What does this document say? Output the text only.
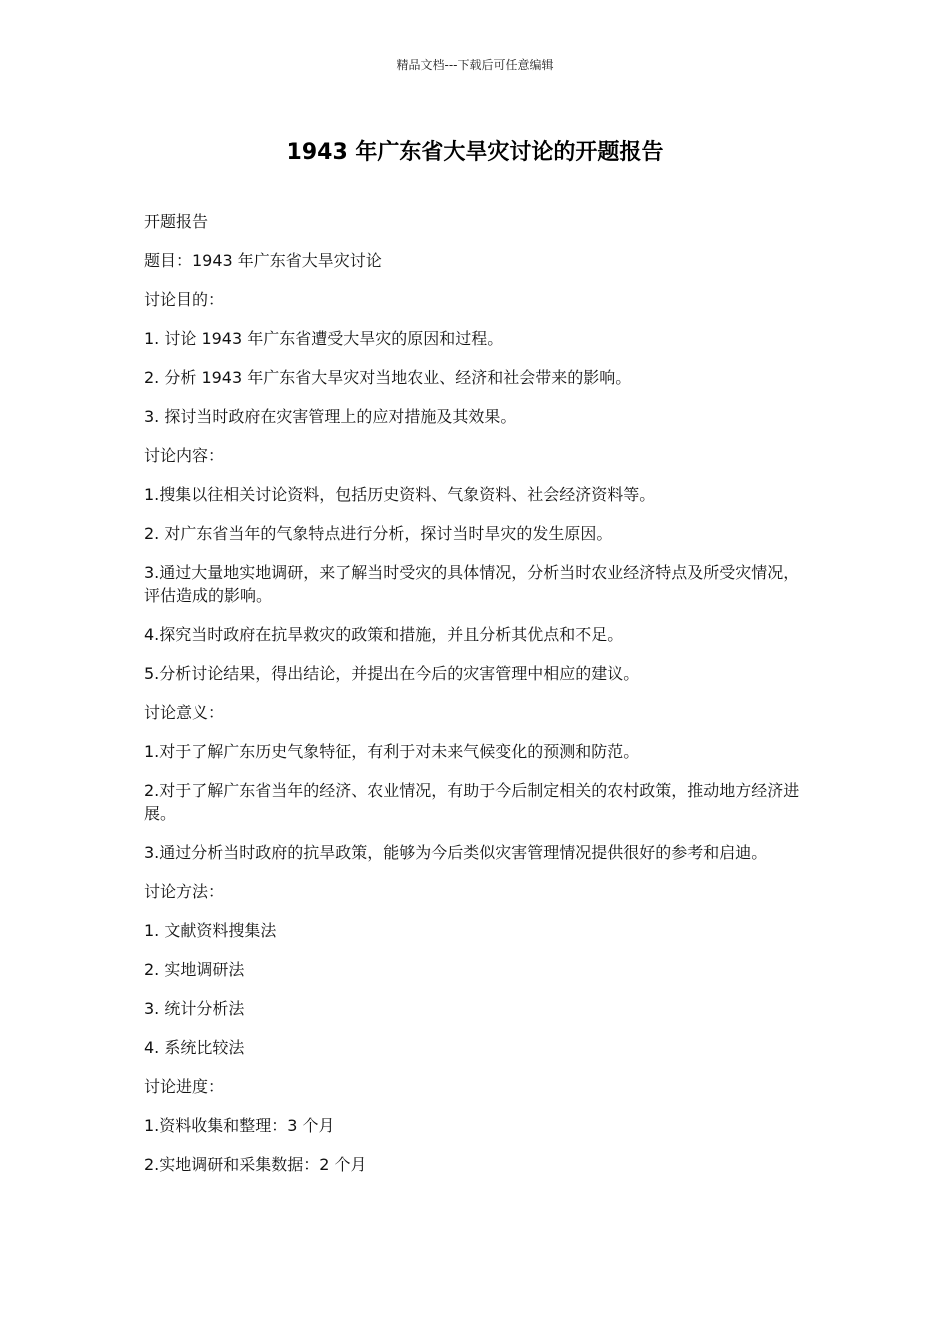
精品文档---下载后可任意编辑
1943 年广东省大旱灾讨论的开题报告

开题报告

题目：1943 年广东省大旱灾讨论

讨论目的：

1. 讨论 1943 年广东省遭受大旱灾的原因和过程。

2. 分析 1943 年广东省大旱灾对当地农业、经济和社会带来的影响。

3. 探讨当时政府在灾害管理上的应对措施及其效果。

讨论内容：

1.搜集以往相关讨论资料，包括历史资料、气象资料、社会经济资料等。

2. 对广东省当年的气象特点进行分析，探讨当时旱灾的发生原因。

3.通过大量地实地调研，来了解当时受灾的具体情况，分析当时农业经济特点及所受灾情况，评估造成的影响。

4.探究当时政府在抗旱救灾的政策和措施，并且分析其优点和不足。

5.分析讨论结果，得出结论，并提出在今后的灾害管理中相应的建议。

讨论意义：

1.对于了解广东历史气象特征，有利于对未来气候变化的预测和防范。

2.对于了解广东省当年的经济、农业情况，有助于今后制定相关的农村政策，推动地方经济进展。

3.通过分析当时政府的抗旱政策，能够为今后类似灾害管理情况提供很好的参考和启迪。

讨论方法：

1. 文献资料搜集法

2. 实地调研法

3. 统计分析法

4. 系统比较法

讨论进度：

1.资料收集和整理：3 个月

2.实地调研和采集数据：2 个月
